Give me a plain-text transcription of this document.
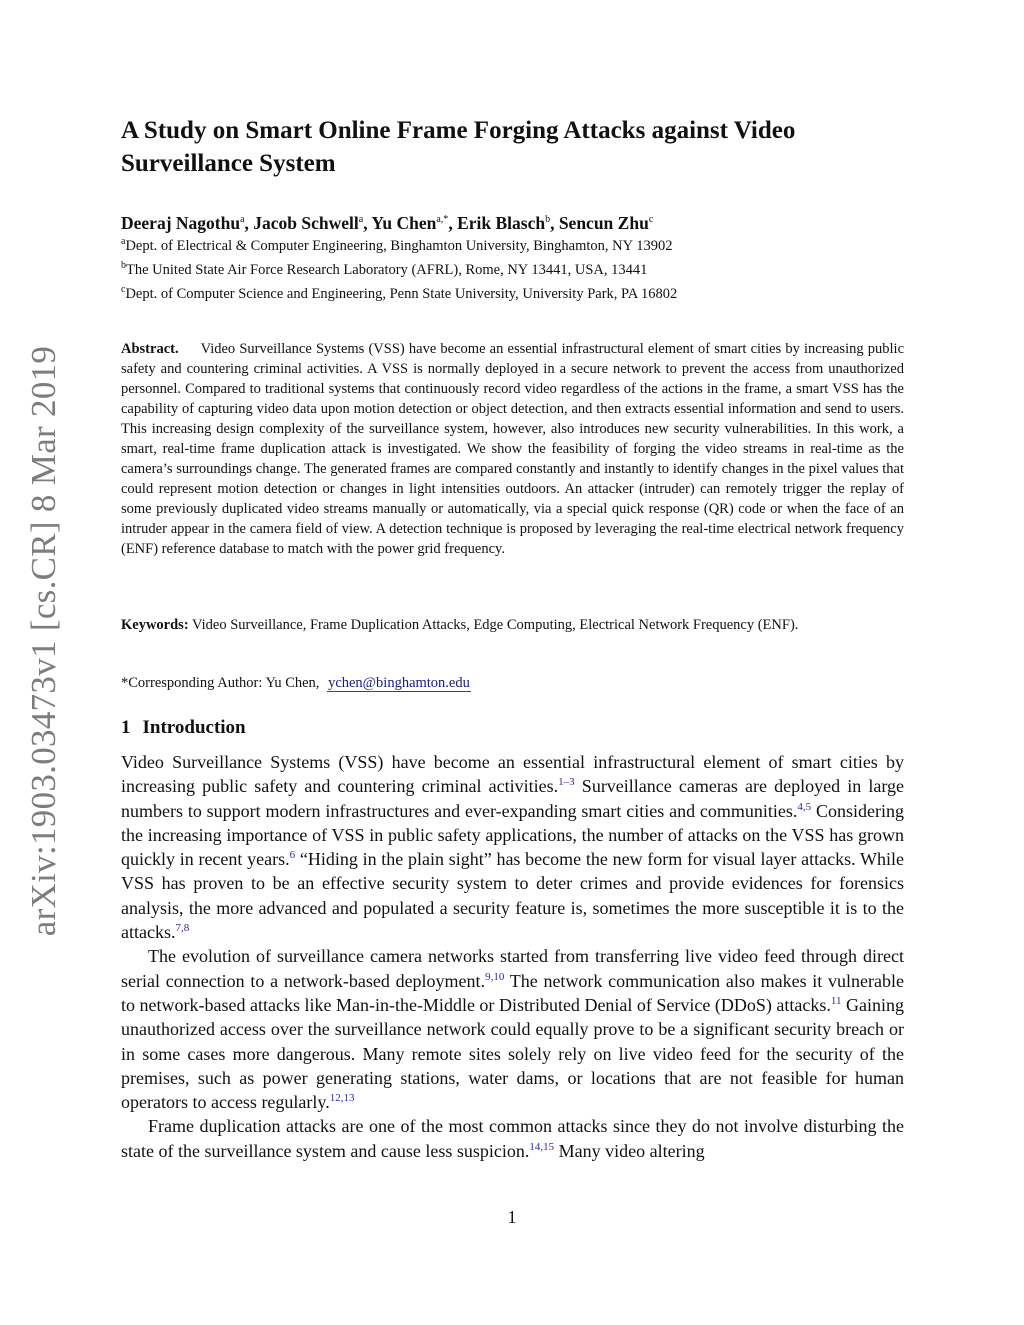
arXiv:1903.03473v1 [cs.CR] 8 Mar 2019
A Study on Smart Online Frame Forging Attacks against Video Surveillance System
Deeraj Nagothu$^a$, Jacob Schwell$^a$, Yu Chen$^{a,*}$, Erik Blasch$^b$, Sencun Zhu$^c$
$^a$Dept. of Electrical & Computer Engineering, Binghamton University, Binghamton, NY 13902
$^b$The United State Air Force Research Laboratory (AFRL), Rome, NY 13441, USA, 13441
$^c$Dept. of Computer Science and Engineering, Penn State University, University Park, PA 16802

Abstract. Video Surveillance Systems (VSS) have become an essential infrastructural element of smart cities by increasing public safety and countering criminal activities. A VSS is normally deployed in a secure network to prevent the access from unauthorized personnel. Compared to traditional systems that continuously record video regardless of the actions in the frame, a smart VSS has the capability of capturing video data upon motion detection or object detection, and then extracts essential information and send to users. This increasing design complexity of the surveillance system, however, also introduces new security vulnerabilities. In this work, a smart, real-time frame duplication attack is investigated. We show the feasibility of forging the video streams in real-time as the camera’s surroundings change. The generated frames are compared constantly and instantly to identify changes in the pixel values that could represent motion detection or changes in light intensities outdoors. An attacker (intruder) can remotely trigger the replay of some previously duplicated video streams manually or automatically, via a special quick response (QR) code or when the face of an intruder appear in the camera field of view. A detection technique is proposed by leveraging the real-time electrical network frequency (ENF) reference database to match with the power grid frequency.

Keywords: Video Surveillance, Frame Duplication Attacks, Edge Computing, Electrical Network Frequency (ENF).

*Corresponding Author: Yu Chen, ychen@binghamton.edu

1 Introduction

Video Surveillance Systems (VSS) have become an essential infrastructural element of smart cities by increasing public safety and countering criminal activities.$^{1-3}$ Surveillance cameras are deployed in large numbers to support modern infrastructures and ever-expanding smart cities and communities.$^{4,5}$ Considering the increasing importance of VSS in public safety applications, the number of attacks on the VSS has grown quickly in recent years.$^6$ “Hiding in the plain sight” has become the new form for visual layer attacks. While VSS has proven to be an effective security system to deter crimes and provide evidences for forensics analysis, the more advanced and populated a security feature is, sometimes the more susceptible it is to the attacks.$^{7,8}$

The evolution of surveillance camera networks started from transferring live video feed through direct serial connection to a network-based deployment.$^{9,10}$ The network communication also makes it vulnerable to network-based attacks like Man-in-the-Middle or Distributed Denial of Service (DDoS) attacks.$^{11}$ Gaining unauthorized access over the surveillance network could equally prove to be a significant security breach or in some cases more dangerous. Many remote sites solely rely on live video feed for the security of the premises, such as power generating stations, water dams, or locations that are not feasible for human operators to access regularly.$^{12,13}$

Frame duplication attacks are one of the most common attacks since they do not involve disturbing the state of the surveillance system and cause less suspicion.$^{14,15}$ Many video altering

1
